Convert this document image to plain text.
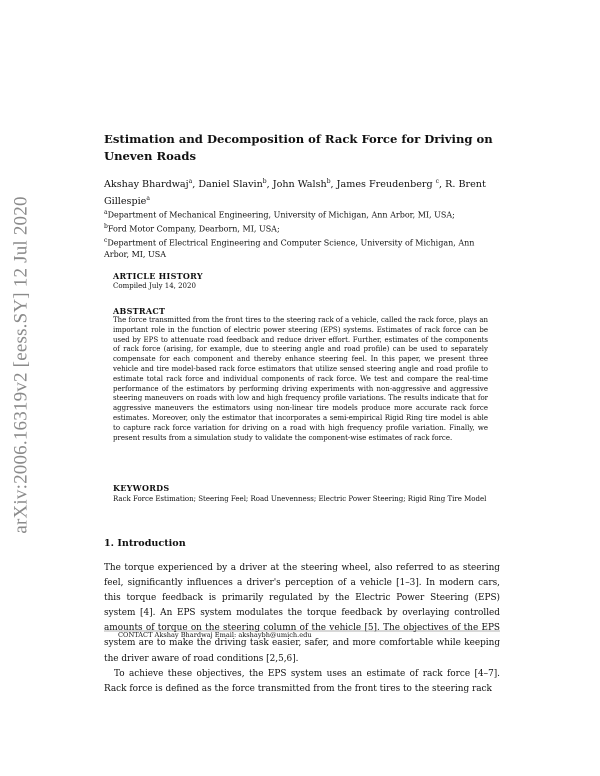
arXiv:2006.16319v2 [eess.SY] 12 Jul 2020
Estimation and Decomposition of Rack Force for Driving on Uneven Roads
Akshay Bhardwaj$^a$, Daniel Slavin$^b$, John Walsh$^b$, James Freudenberg $^c$, R. Brent Gillespie$^a$

$^a$Department of Mechanical Engineering, University of Michigan, Ann Arbor, MI, USA;

$^b$Ford Motor Company, Dearborn, MI, USA;

$^c$Department of Electrical Engineering and Computer Science, University of Michigan, Ann Arbor, MI, USA

ARTICLE HISTORY

Compiled July 14, 2020

ABSTRACT

The force transmitted from the front tires to the steering rack of a vehicle, called the rack force, plays an important role in the function of electric power steering (EPS) systems. Estimates of rack force can be used by EPS to attenuate road feedback and reduce driver effort. Further, estimates of the components of rack force (arising, for example, due to steering angle and road profile) can be used to separately compensate for each component and thereby enhance steering feel. In this paper, we present three vehicle and tire model-based rack force estimators that utilize sensed steering angle and road profile to estimate total rack force and individual components of rack force. We test and compare the real-time performance of the estimators by performing driving experiments with non-aggressive and aggressive steering maneuvers on roads with low and high frequency profile variations. The results indicate that for aggressive maneuvers the estimators using non-linear tire models produce more accurate rack force estimates. Moreover, only the estimator that incorporates a semi-empirical Rigid Ring tire model is able to capture rack force variation for driving on a road with high frequency profile variation. Finally, we present results from a simulation study to validate the component-wise estimates of rack force.

KEYWORDS

Rack Force Estimation; Steering Feel; Road Unevenness; Electric Power Steering; Rigid Ring Tire Model

1. Introduction

The torque experienced by a driver at the steering wheel, also referred to as steering feel, significantly influences a driver's perception of a vehicle [1–3]. In modern cars, this torque feedback is primarily regulated by the Electric Power Steering (EPS) system [4]. An EPS system modulates the torque feedback by overlaying controlled amounts of torque on the steering column of the vehicle [5]. The objectives of the EPS system are to make the driving task easier, safer, and more comfortable while keeping the driver aware of road conditions [2,5,6].

To achieve these objectives, the EPS system uses an estimate of rack force [4–7]. Rack force is defined as the force transmitted from the front tires to the steering rack

CONTACT Akshay Bhardwaj Email: akshaybh@umich.edu
